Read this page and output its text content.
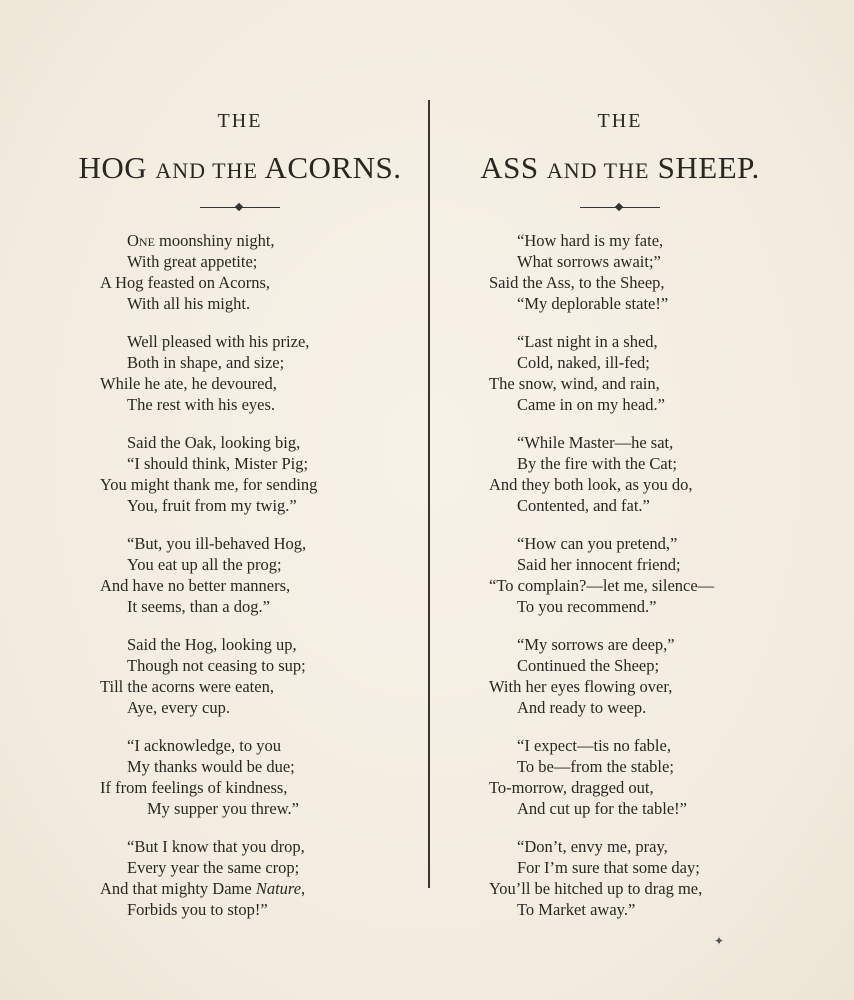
THE
HOG AND THE ACORNS.
One moonshiny night,
With great appetite;
A Hog feasted on Acorns,
With all his might.
Well pleased with his prize,
Both in shape, and size;
While he ate, he devoured,
The rest with his eyes.
Said the Oak, looking big,
“I should think, Mister Pig;
You might thank me, for sending
You, fruit from my twig.”
“But, you ill-behaved Hog,
You eat up all the prog;
And have no better manners,
It seems, than a dog.”
Said the Hog, looking up,
Though not ceasing to sup;
Till the acorns were eaten,
Aye, every cup.
“I acknowledge, to you
My thanks would be due;
If from feelings of kindness,
My supper you threw.”
“But I know that you drop,
Every year the same crop;
And that mighty Dame Nature,
Forbids you to stop!”
THE
ASS AND THE SHEEP.
“How hard is my fate,
What sorrows await;”
Said the Ass, to the Sheep,
“My deplorable state!”
“Last night in a shed,
Cold, naked, ill-fed;
The snow, wind, and rain,
Came in on my head.”
“While Master—he sat,
By the fire with the Cat;
And they both look, as you do,
Contented, and fat.”
“How can you pretend,”
Said her innocent friend;
“To complain?—let me, silence—
To you recommend.”
“My sorrows are deep,”
Continued the Sheep;
With her eyes flowing over,
And ready to weep.
“I expect—tis no fable,
To be—from the stable;
To-morrow, dragged out,
And cut up for the table!”
“Don’t, envy me, pray,
For I’m sure that some day;
You’ll be hitched up to drag me,
To Market away.”
✦
